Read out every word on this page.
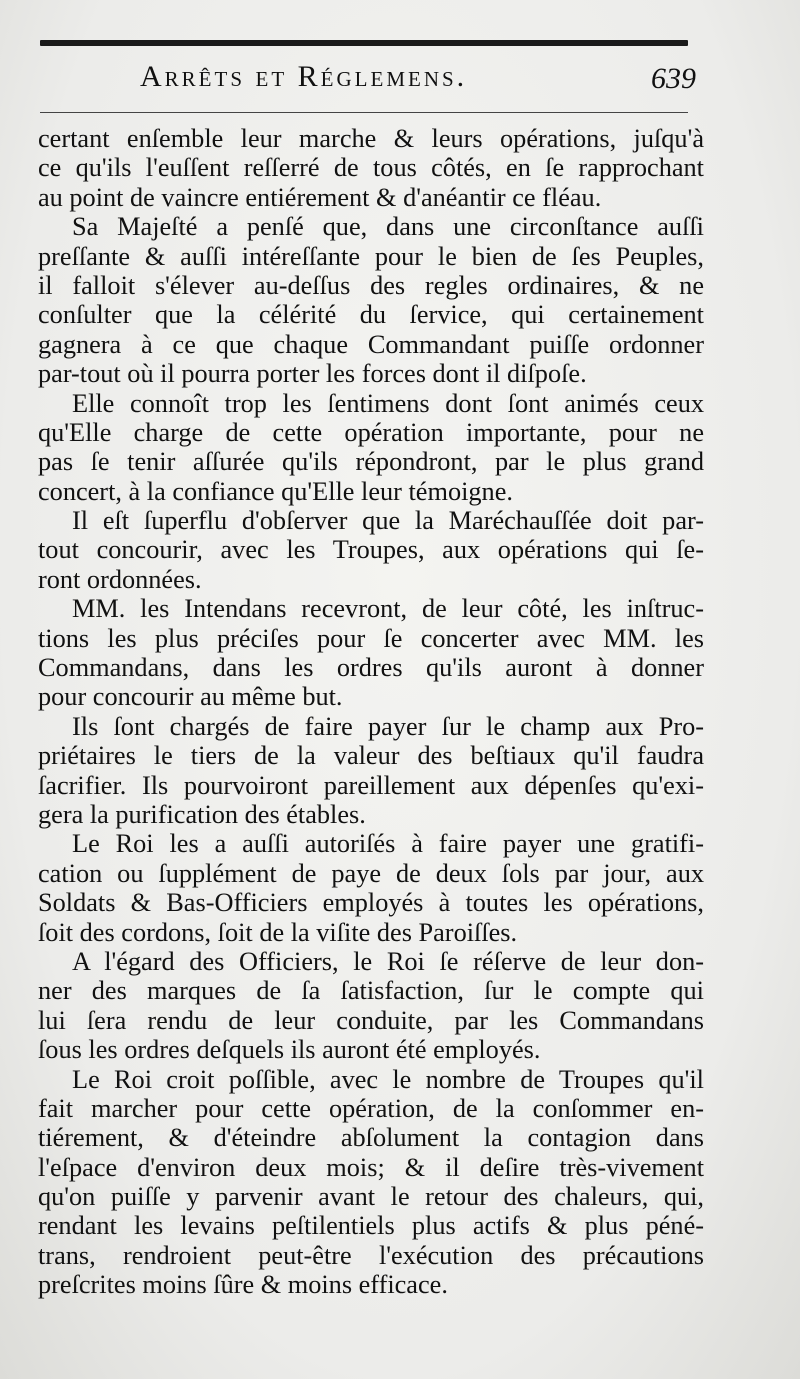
Arrêts et Réglemens.	639
certant enſemble leur marche & leurs opérations, juſqu'à
ce qu'ils l'euſſent reſſerré de tous côtés, en ſe rapprochant
au point de vaincre entiérement & d'anéantir ce fléau.
Sa Majeſté a penſé que, dans une circonſtance auſſi
preſſante & auſſi intéreſſante pour le bien de ſes Peuples,
il falloit s'élever au-deſſus des regles ordinaires, & ne
conſulter que la célérité du ſervice, qui certainement
gagnera à ce que chaque Commandant puiſſe ordonner
par-tout où il pourra porter les forces dont il diſpoſe.
Elle connoît trop les ſentimens dont ſont animés ceux
qu'Elle charge de cette opération importante, pour ne
pas ſe tenir aſſurée qu'ils répondront, par le plus grand
concert, à la confiance qu'Elle leur témoigne.
Il eſt ſuperflu d'obſerver que la Maréchauſſée doit par-
tout concourir, avec les Troupes, aux opérations qui ſe-
ront ordonnées.
MM. les Intendans recevront, de leur côté, les inſtruc-
tions les plus préciſes pour ſe concerter avec MM. les
Commandans, dans les ordres qu'ils auront à donner
pour concourir au même but.
Ils ſont chargés de faire payer ſur le champ aux Pro-
priétaires le tiers de la valeur des beſtiaux qu'il faudra
ſacrifier. Ils pourvoiront pareillement aux dépenſes qu'exi-
gera la purification des étables.
Le Roi les a auſſi autoriſés à faire payer une gratifi-
cation ou ſupplément de paye de deux ſols par jour, aux
Soldats & Bas-Officiers employés à toutes les opérations,
ſoit des cordons, ſoit de la viſite des Paroiſſes.
A l'égard des Officiers, le Roi ſe réſerve de leur don-
ner des marques de ſa ſatisfaction, ſur le compte qui
lui ſera rendu de leur conduite, par les Commandans
ſous les ordres deſquels ils auront été employés.
Le Roi croit poſſible, avec le nombre de Troupes qu'il
fait marcher pour cette opération, de la conſommer en-
tiérement, & d'éteindre abſolument la contagion dans
l'eſpace d'environ deux mois; & il deſire très-vivement
qu'on puiſſe y parvenir avant le retour des chaleurs, qui,
rendant les levains peſtilentiels plus actifs & plus péné-
trans, rendroient peut-être l'exécution des précautions
preſcrites moins ſûre & moins efficace.
